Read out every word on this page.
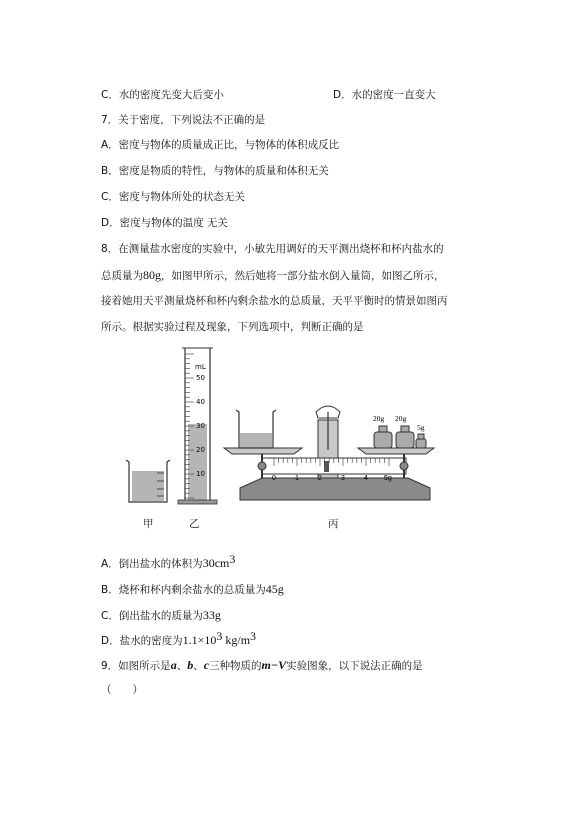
C．水的密度先变大后变小	D．水的密度一直变大
7．关于密度，下列说法不正确的是
A．密度与物体的质量成正比，与物体的体积成反比
B．密度是物质的特性，与物体的质量和体积无关
C．密度与物体所处的状态无关
D．密度与物体的温度 无关
8．在测量盐水密度的实验中，小敏先用调好的天平测出烧杯和杯内盐水的
总质量为80g，如图甲所示，然后她将一部分盐水倒入量筒，如图乙所示，
接着她用天平测量烧杯和杯内剩余盐水的总质量，天平平衡时的情景如图丙
所示。根据实验过程及现象，下列选项中，判断正确的是
mL
50
40
30
20
10
20g 20g
5g
0	1	2	3	4 5g
甲	乙	丙
A．倒出盐水的体积为$30cm^3$
B．烧杯和杯内剩余盐水的总质量为45g
C．倒出盐水的质量为33g
D．盐水的密度为$1.1\times 10^3$ $kg/m^3$
9．如图所示是a、b、c三种物质的m−V实验图象，以下说法正确的是
（　　）
